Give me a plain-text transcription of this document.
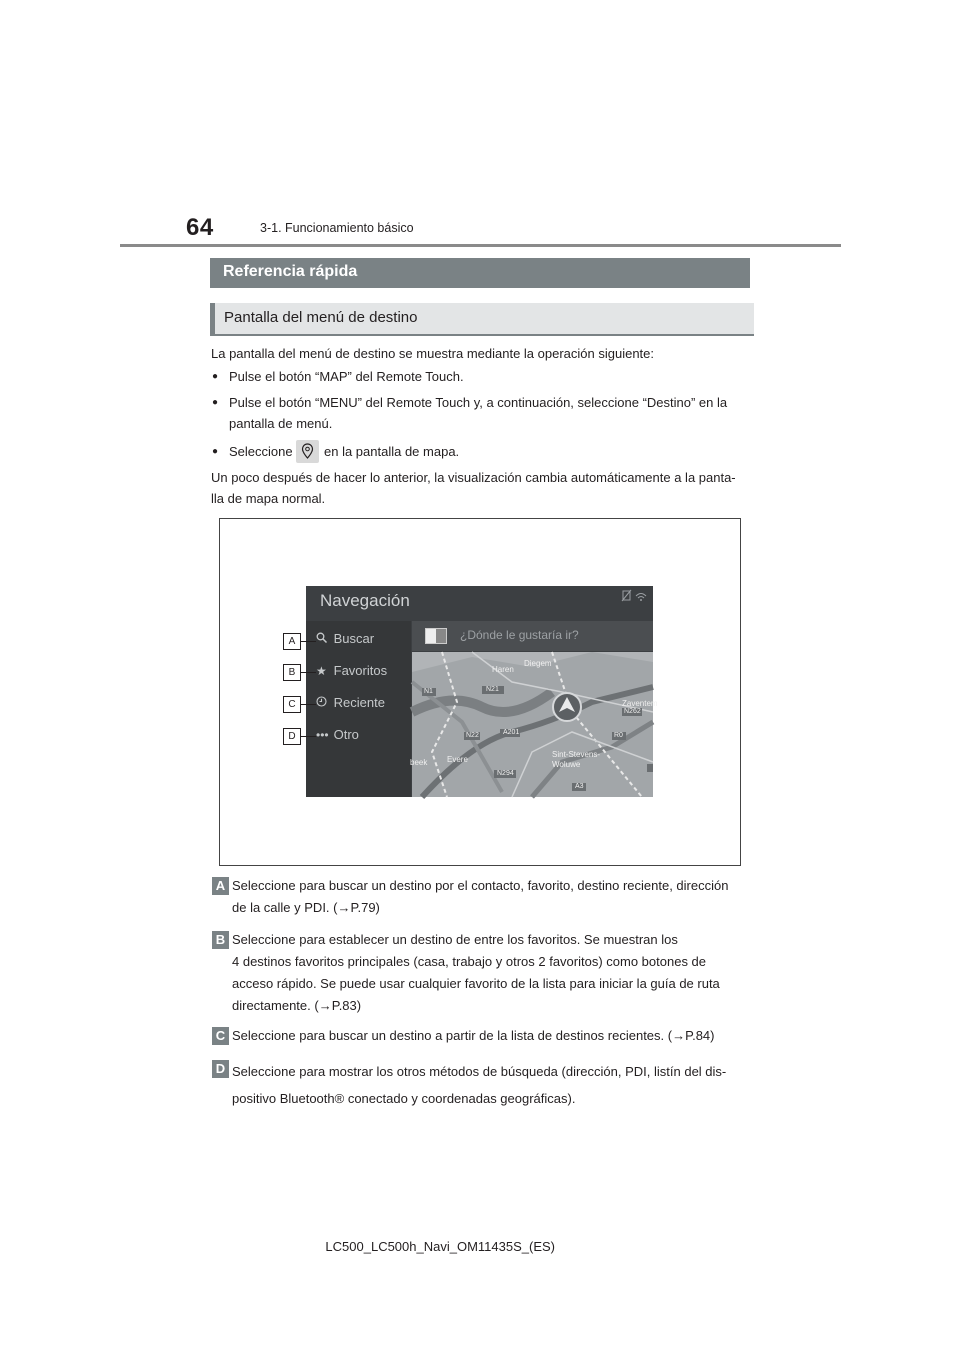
64	3-1. Funcionamiento básico
Referencia rápida
Pantalla del menú de destino
La pantalla del menú de destino se muestra mediante la operación siguiente:
● Pulse el botón “MAP” del Remote Touch.
● Pulse el botón “MENU” del Remote Touch y, a continuación, seleccione “Destino” en la
pantalla de menú.
● Seleccione en la pantalla de mapa.
Un poco después de hacer lo anterior, la visualización cambia automáticamente a la panta-
lla de mapa normal.
Navegación
Buscar
★ Favoritos
Reciente
••• Otro
¿Dónde le gustaría ir?
Haren
Diegem
Zaventem
N1	N21
N22	A201
Evere
Sint-Stevens-
Woluwe
N294
A3
R0
N262
beek
A
B
C
D
A Seleccione para buscar un destino por el contacto, favorito, destino reciente, dirección
de la calle y PDI. (→P.79)
B Seleccione para establecer un destino de entre los favoritos. Se muestran los
4 destinos favoritos principales (casa, trabajo y otros 2 favoritos) como botones de
acceso rápido. Se puede usar cualquier favorito de la lista para iniciar la guía de ruta
directamente. (→P.83)
C Seleccione para buscar un destino a partir de la lista de destinos recientes. (→P.84)
D Seleccione para mostrar los otros métodos de búsqueda (dirección, PDI, listín del dis-
positivo Bluetooth® conectado y coordenadas geográficas).
LC500_LC500h_Navi_OM11435S_(ES)
